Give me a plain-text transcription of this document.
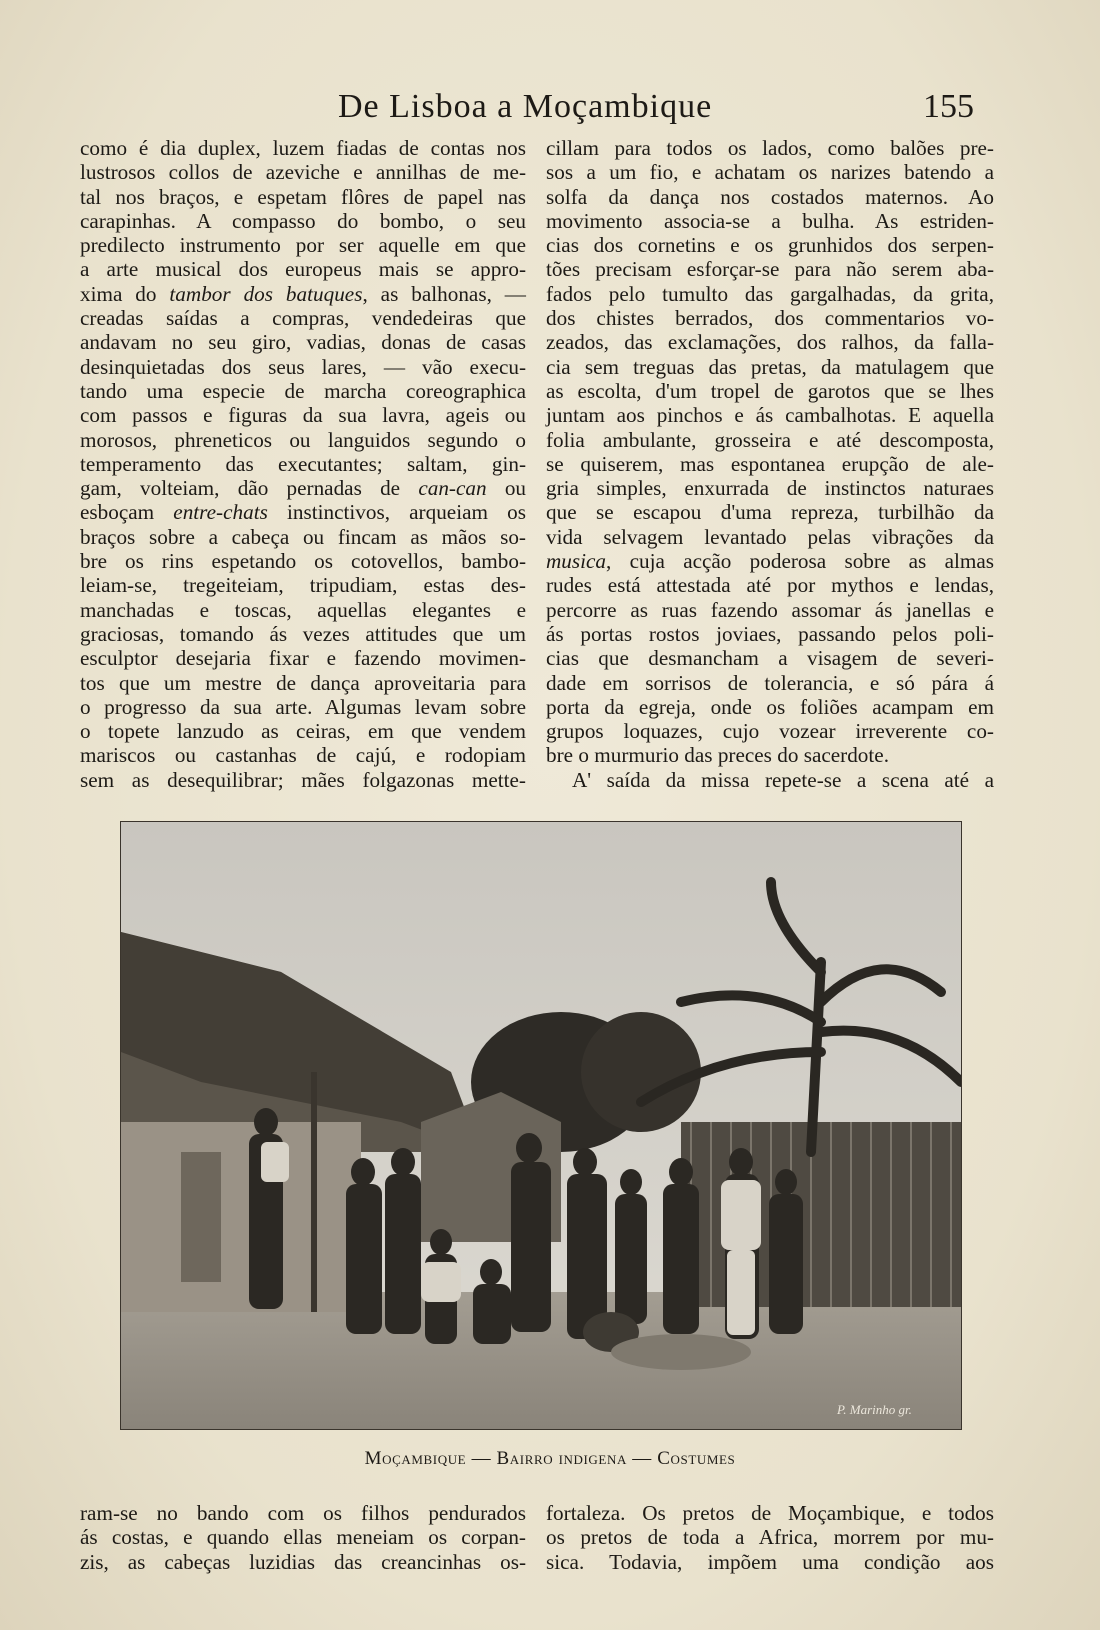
De Lisboa a Moçambique	155
como é dia duplex, luzem fiadas de contas nos
lustrosos collos de azeviche e annilhas de me-
tal nos braços, e espetam flôres de papel nas
carapinhas. A compasso do bombo, o seu
predilecto instrumento por ser aquelle em que
a arte musical dos europeus mais se appro-
xima do tambor dos batuques, as balhonas, —
creadas saídas a compras, vendedeiras que
andavam no seu giro, vadias, donas de casas
desinquietadas dos seus lares, — vão execu-
tando uma especie de marcha coreographica
com passos e figuras da sua lavra, ageis ou
morosos, phreneticos ou languidos segundo o
temperamento das executantes; saltam, gin-
gam, volteiam, dão pernadas de can-can ou
esboçam entre-chats instinctivos, arqueiam os
braços sobre a cabeça ou fincam as mãos so-
bre os rins espetando os cotovellos, bambo-
leiam-se, tregeiteiam, tripudiam, estas des-
manchadas e toscas, aquellas elegantes e
graciosas, tomando ás vezes attitudes que um
esculptor desejaria fixar e fazendo movimen-
tos que um mestre de dança aproveitaria para
o progresso da sua arte. Algumas levam sobre
o topete lanzudo as ceiras, em que vendem
mariscos ou castanhas de cajú, e rodopiam
sem as desequilibrar; mães folgazonas mette-
cillam para todos os lados, como balões pre-
sos a um fio, e achatam os narizes batendo a
solfa da dança nos costados maternos. Ao
movimento associa-se a bulha. As estriden-
cias dos cornetins e os grunhidos dos serpen-
tões precisam esforçar-se para não serem aba-
fados pelo tumulto das gargalhadas, da grita,
dos chistes berrados, dos commentarios vo-
zeados, das exclamações, dos ralhos, da falla-
cia sem treguas das pretas, da matulagem que
as escolta, d'um tropel de garotos que se lhes
juntam aos pinchos e ás cambalhotas. E aquella
folia ambulante, grosseira e até descomposta,
se quiserem, mas espontanea erupção de ale-
gria simples, enxurrada de instinctos naturaes
que se escapou d'uma repreza, turbilhão da
vida selvagem levantado pelas vibrações da
musica, cuja acção poderosa sobre as almas
rudes está attestada até por mythos e lendas,
percorre as ruas fazendo assomar ás janellas e
ás portas rostos joviaes, passando pelos poli-
cias que desmancham a visagem de severi-
dade em sorrisos de tolerancia, e só pára á
porta da egreja, onde os foliões acampam em
grupos loquazes, cujo vozear irreverente co-
bre o murmurio das preces do sacerdote.
A' saída da missa repete-se a scena até a
P. Marinho gr.
Moçambique — Bairro indigena — Costumes
ram-se no bando com os filhos pendurados
ás costas, e quando ellas meneiam os corpan-
zis, as cabeças luzidias das creancinhas os-
fortaleza. Os pretos de Moçambique, e todos
os pretos de toda a Africa, morrem por mu-
sica. Todavia, impõem uma condição aos
